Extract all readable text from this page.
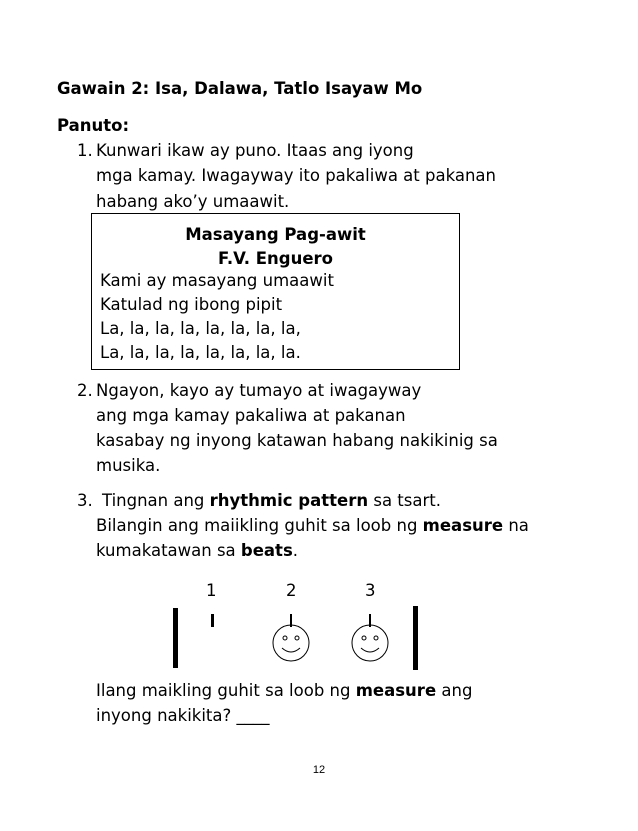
Gawain 2: Isa, Dalawa, Tatlo Isayaw Mo
Panuto:
1. Kunwari ikaw ay puno. Itaas ang iyong
mga kamay. Iwagayway ito pakaliwa at pakanan
habang ako’y umaawit.
Masayang Pag-awit
F.V. Enguero
Kami ay masayang umaawit
Katulad ng ibong pipit
La, la, la, la, la, la, la, la,
La, la, la, la, la, la, la, la.
2. Ngayon, kayo ay tumayo at iwagayway
ang mga kamay pakaliwa at pakanan
kasabay ng inyong katawan habang nakikinig sa
musika.
3. Tingnan ang rhythmic pattern sa tsart.
Bilangin ang maiikling guhit sa loob ng measure na
kumakatawan sa beats.
1	2	3
Ilang maikling guhit sa loob ng measure ang
inyong nakikita? ____
12
